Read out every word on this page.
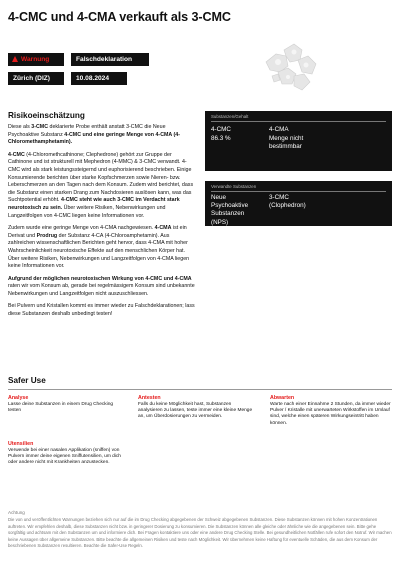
4-CMC und 4-CMA verkauft als 3-CMC
Warnung	Falschdeklaration
Zürich (DIZ)	10.08.2024
Risikoeinschätzung

Diese als 3-CMC deklarierte Probe enthält anstatt 3-CMC die Neue Psychoaktive Substanz 4-CMC und eine geringe Menge von 4-CMA (4-Chloromethamphetamin).

4-CMC (4-Chloromethcathinone; Clephedrone) gehört zur Gruppe der Cathinone und ist strukturell mit Mephedron (4-MMC) & 3-CMC verwandt. 4-CMC wird als stark leistungssteigernd und euphorisierend beschrieben. Einige Konsumierende berichten über starke Kopfschmerzen sowie Nieren- bzw. Leberschmerzen an den Tagen nach dem Konsum. Zudem wird berichtet, dass die Substanz einen starken Drang zum Nachdosieren auslösen kann, was das Suchtpotential erhöht. 4-CMC steht wie auch 3-CMC im Verdacht stark neurotoxisch zu sein. Über weitere Risiken, Nebenwirkungen und Langzeitfolgen von 4-CMC liegen keine Informationen vor.

Zudem wurde eine geringe Menge von 4-CMA nachgewiesen. 4-CMA ist ein Derivat und Prodrug der Substanz 4-CA (4-Chloroamphetamin). Aus zahlreichen wissenschaftlichen Berichten geht hervor, dass 4-CMA mit hoher Wahrscheinlichkeit neurotoxische Effekte auf den menschlichen Körper hat. Über weitere Risiken, Nebenwirkungen und Langzeitfolgen von 4-CMA liegen keine Informationen vor.

Aufgrund der möglichen neurotoxischen Wirkung von 4-CMC und 4-CMA raten wir vom Konsum ab, gerade bei regelmässigem Konsum sind unbekannte Nebenwirkungen und Langzeitfolgen nicht auszuschliessen.

Bei Pulvern und Kristallen kommt es immer wieder zu Falschdeklarationen; lass diese Substanzen deshalb unbedingt testen!

Substanzen/Gehalt
4-CMC
86.3 %
4-CMA
Menge nicht bestimmbar
Verwandte Substanzen
Neue Psychoaktive Substanzen (NPS)
3-CMC (Clophedron)
Safer Use
Analyse
Lasse deine Substanzen in einem Drug Checking testen
Antesten
Falls du keine Möglichkeit hast, Substanzen analysieren zu lassen, teste immer eine kleine Menge an, um Überdosierungen zu vermeiden.
Abwarten
Warte nach einer Einnahme 2 Stunden, da immer wieder Pulver / Kristalle mit unerwarteten Wirkstoffen im Umlauf sind, welche einen späteren Wirkungseintritt haben können.
Utensilien
Verwende bei einer nasalen Applikation (sniffen) von Pulvern immer deine eigenen Sniffutensilien, um dich oder andere nicht mit Krankheiten anzustecken.
Achtung
Die von und veröffentlichten Warnungen beziehen sich nur auf die im Drug Checking abgegebenen der Schweiz abgegebenen Substanzen. Diese Substanzen können mit hohen Konzentrationen auftreten. Wir empfehlen deshalb, diese Substanzen nicht bzw. in geringerer Dosierung zu konsumieren. Die Substanzen können alle gleiche oder ähnliche wie die angegebenen sein. Bitte gehe sorgfältig und achtsam mit den Substanzen um und informiere dich. Bei Fragen kontaktiere uns oder eine andere Drug Checking Stelle. Bei gesundheitlichen Notfällen rufe sofort den Notruf. Wir machen keine Aussagen über allgemeine Substanzen. Bitte beachte die allgemeinen Risiken und teste nach Möglichkeit. Wir übernehmen keine Haftung für eventuelle Schäden, die aus dem Konsum der beschriebenen Substanzen resultieren. Beachte die Safer-Use Regeln.
